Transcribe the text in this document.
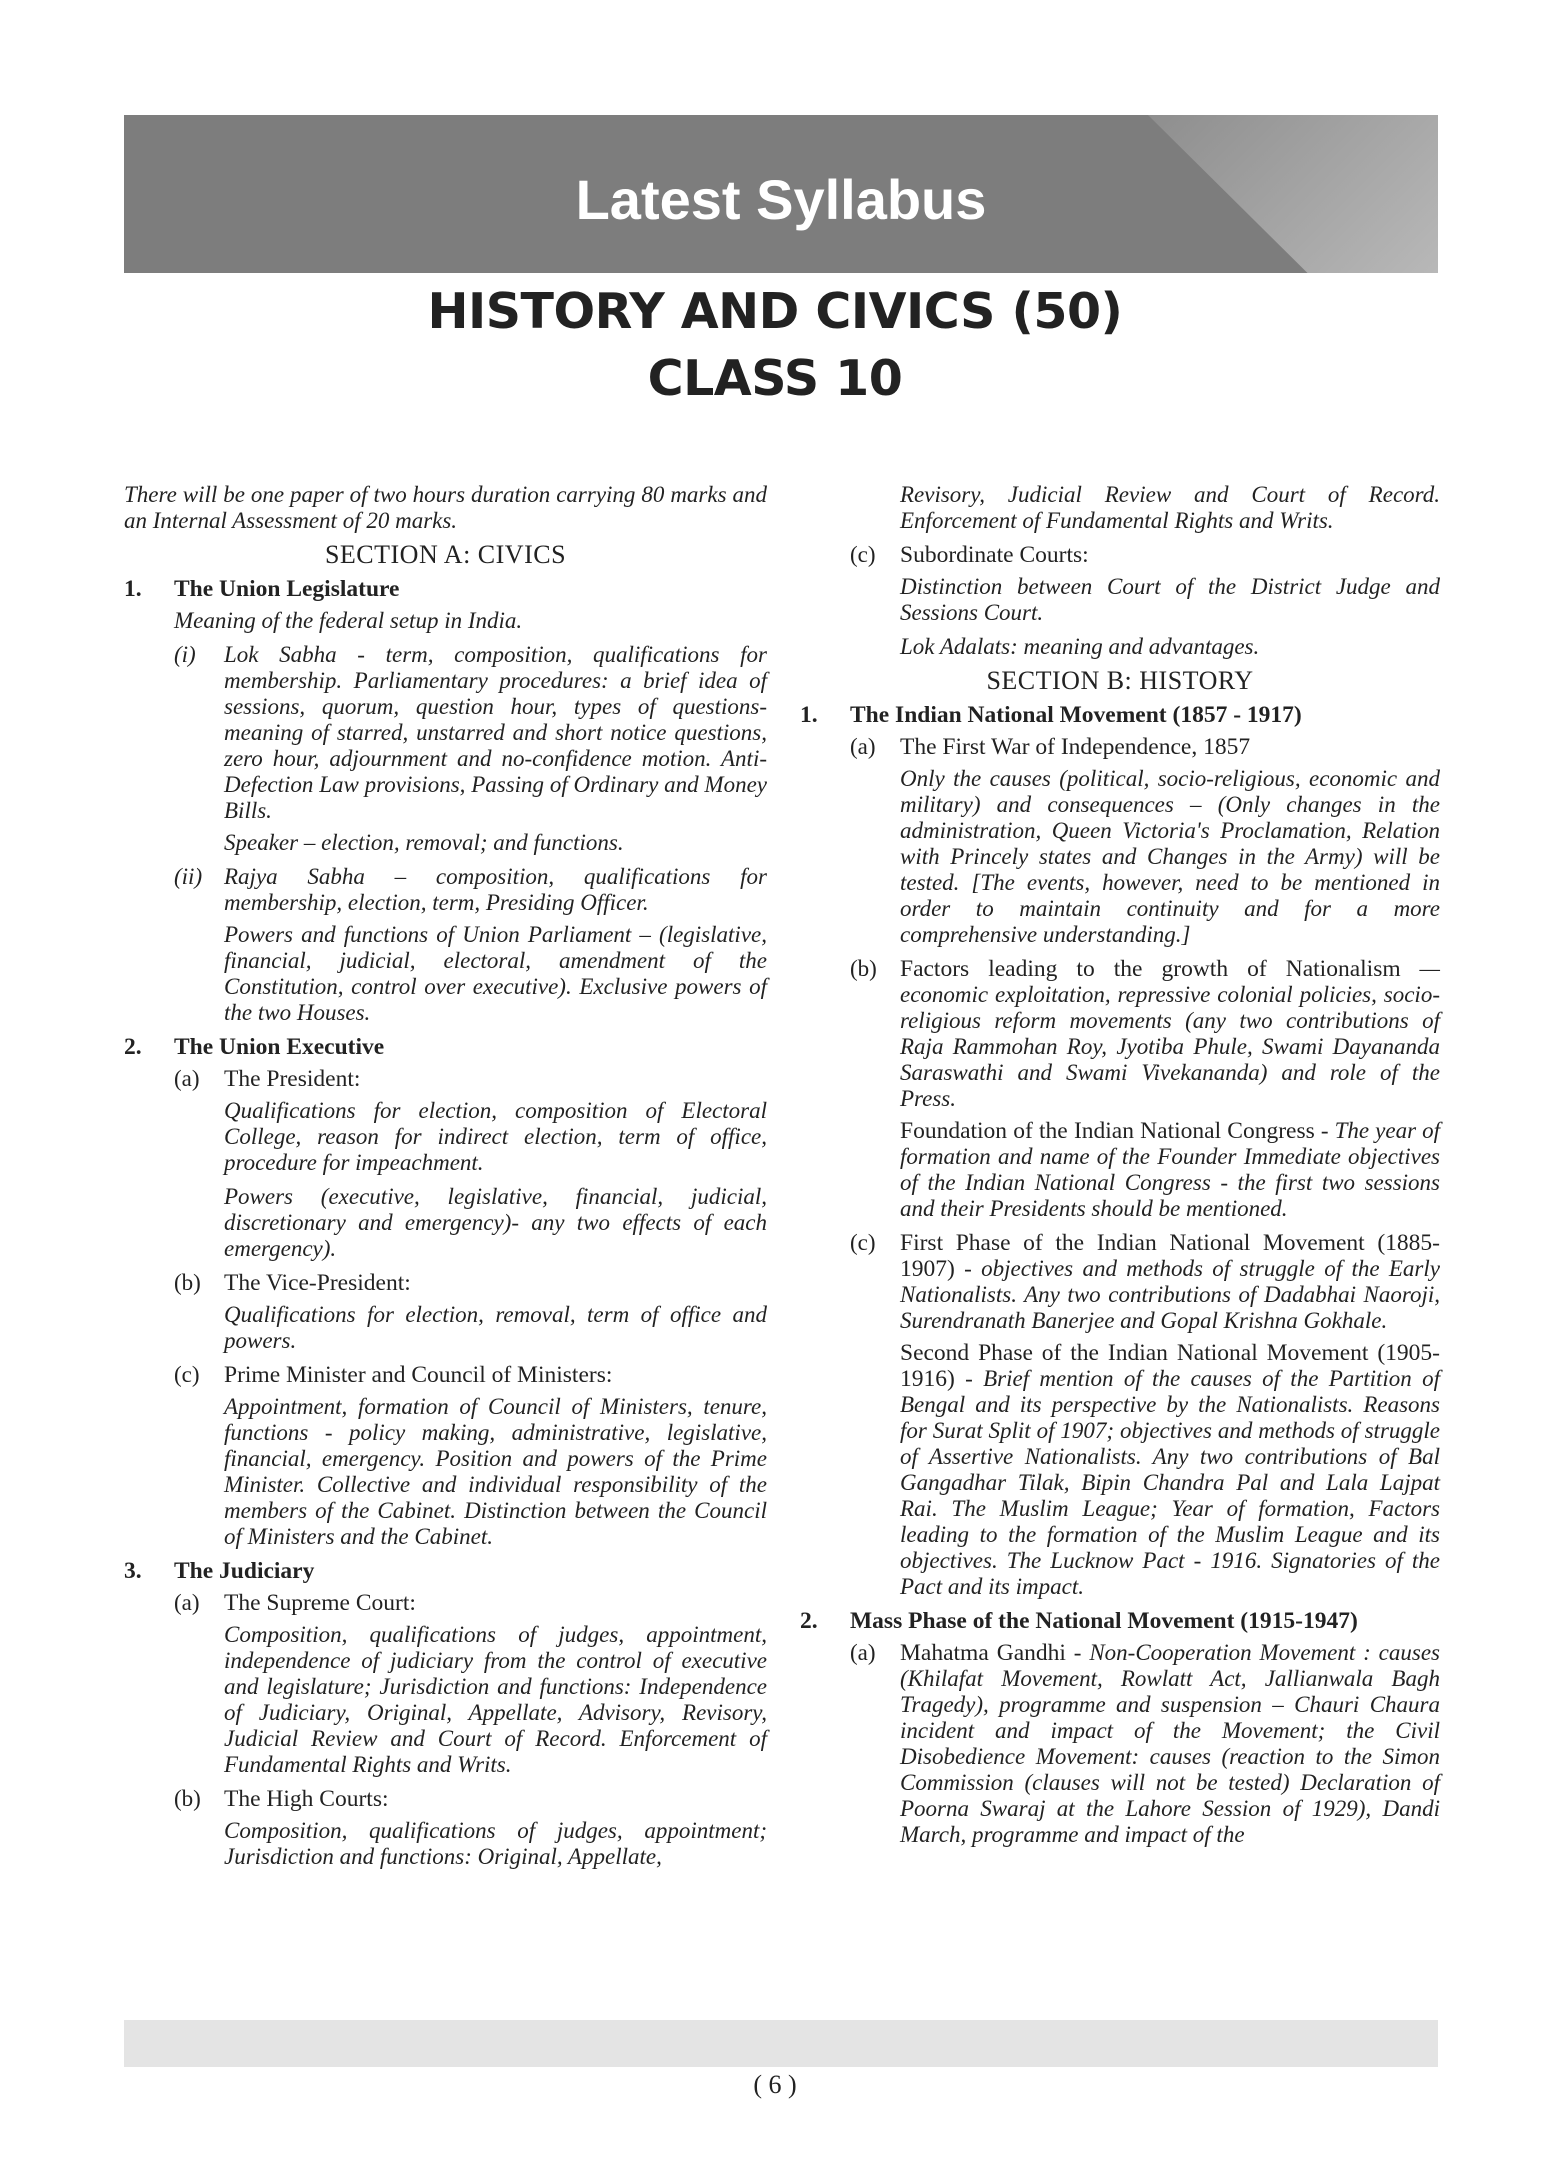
Latest Syllabus
HISTORY AND CIVICS (50)
CLASS 10

There will be one paper of two hours duration carrying 80 marks and an Internal Assessment of 20 marks.

SECTION A: CIVICS

1.	The Union Legislature

Meaning of the federal setup in India.

(i)	Lok Sabha - term, composition, qualifications for membership. Parliamentary procedures: a brief idea of sessions, quorum, question hour, types of questions-meaning of starred, unstarred and short notice questions, zero hour, adjournment and no-confidence motion. Anti-Defection Law provisions, Passing of Ordinary and Money Bills.

Speaker – election, removal; and functions.

(ii) Rajya Sabha – composition, qualifications for membership, election, term, Presiding Officer.

Powers and functions of Union Parliament – (legislative, financial, judicial, electoral, amendment of the Constitution, control over executive). Exclusive powers of the two Houses.

2.	The Union Executive
(a)	The President:

Qualifications for election, composition of Electoral College, reason for indirect election, term of office, procedure for impeachment.

Powers (executive, legislative, financial, judicial, discretionary and emergency)- any two effects of each emergency).

(b) The Vice-President:

Qualifications for election, removal, term of office and powers.

(c)	Prime Minister and Council of Ministers:

Appointment, formation of Council of Ministers, tenure, functions - policy making, administrative, legislative, financial, emergency. Position and powers of the Prime Minister. Collective and individual responsibility of the members of the Cabinet. Distinction between the Council of Ministers and the Cabinet.

3.	The Judiciary
(a)	The Supreme Court:

Composition, qualifications of judges, appointment, independence of judiciary from the control of executive and legislature; Jurisdiction and functions: Independence of Judiciary, Original, Appellate, Advisory, Revisory, Judicial Review and Court of Record. Enforcement of Fundamental Rights and Writs.

(b) The High Courts:

Composition, qualifications of judges, appointment; Jurisdiction and functions: Original, Appellate,

Revisory, Judicial Review and Court of Record. Enforcement of Fundamental Rights and Writs.

(c)	Subordinate Courts:

Distinction between Court of the District Judge and Sessions Court.

Lok Adalats: meaning and advantages.

SECTION B: HISTORY

1.	The Indian National Movement (1857 - 1917)
(a)	The First War of Independence, 1857

Only the causes (political, socio-religious, economic and military) and consequences – (Only changes in the administration, Queen Victoria's Proclamation, Relation with Princely states and Changes in the Army) will be tested. [The events, however, need to be mentioned in order to maintain continuity and for a more comprehensive understanding.]

(b) Factors leading to the growth of Nationalism — economic exploitation, repressive colonial policies, socio-religious reform movements (any two contributions of Raja Rammohan Roy, Jyotiba Phule, Swami Dayananda Saraswathi and Swami Vivekananda) and role of the Press.

Foundation of the Indian National Congress - The year of formation and name of the Founder Immediate objectives of the Indian National Congress - the first two sessions and their Presidents should be mentioned.

(c)	First Phase of the Indian National Movement (1885-1907) - objectives and methods of struggle of the Early Nationalists. Any two contributions of Dadabhai Naoroji, Surendranath Banerjee and Gopal Krishna Gokhale.

Second Phase of the Indian National Movement (1905-1916) - Brief mention of the causes of the Partition of Bengal and its perspective by the Nationalists. Reasons for Surat Split of 1907; objectives and methods of struggle of Assertive Nationalists. Any two contributions of Bal Gangadhar Tilak, Bipin Chandra Pal and Lala Lajpat Rai. The Muslim League; Year of formation, Factors leading to the formation of the Muslim League and its objectives. The Lucknow Pact - 1916. Signatories of the Pact and its impact.

2.	Mass Phase of the National Movement (1915-1947)
(a)	Mahatma Gandhi - Non-Cooperation Movement : causes (Khilafat Movement, Rowlatt Act, Jallianwala Bagh Tragedy), programme and suspension – Chauri Chaura incident and impact of the Movement; the Civil Disobedience Movement: causes (reaction to the Simon Commission (clauses will not be tested) Declaration of Poorna Swaraj at the Lahore Session of 1929), Dandi March, programme and impact of the

( 6 )
